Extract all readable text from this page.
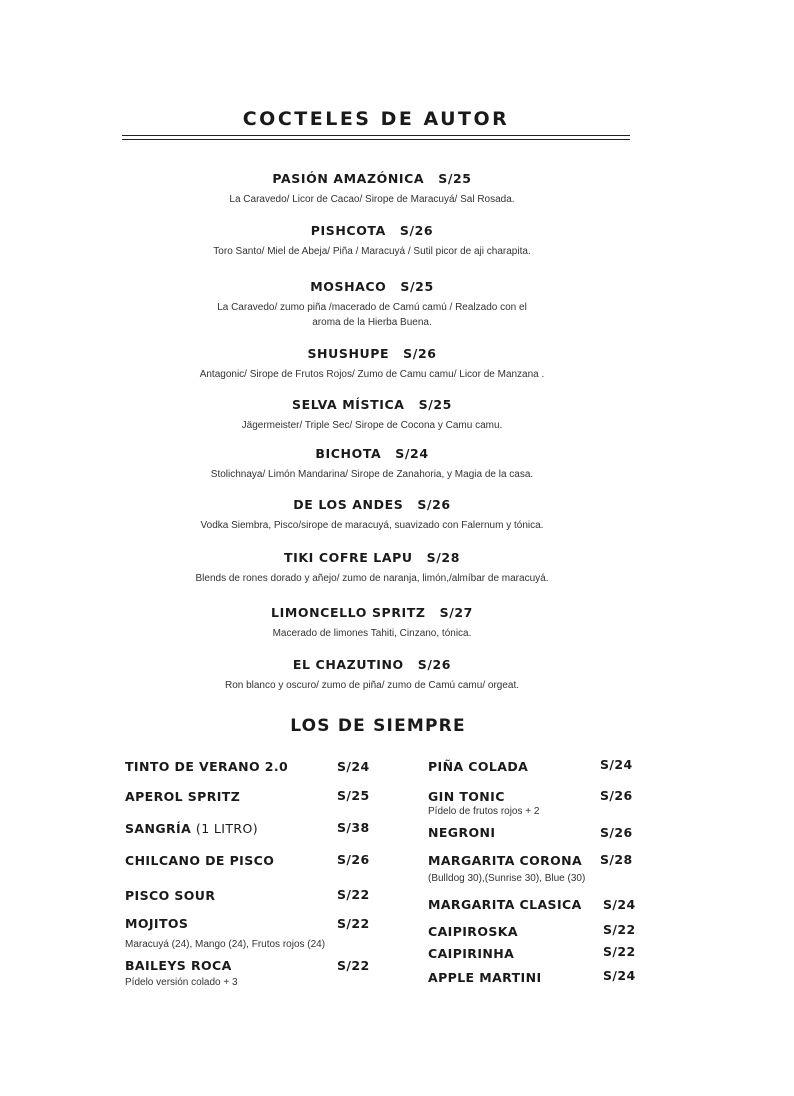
COCTELES DE AUTOR
PASIÓN AMAZÓNICA S/25
La Caravedo/ Licor de Cacao/ Sirope de Maracuyá/ Sal Rosada.
PISHCOTA S/26
Toro Santo/ Miel de Abeja/ Piña / Maracuyá / Sutil picor de aji charapita.
MOSHACO S/25
La Caravedo/ zumo piña /macerado de Camú camú / Realzado con el
aroma de la Hierba Buena.
SHUSHUPE S/26
Antagonic/ Sirope de Frutos Rojos/ Zumo de Camu camu/ Licor de Manzana .
SELVA MÍSTICA S/25
Jägermeister/ Triple Sec/ Sirope de Cocona y Camu camu.
BICHOTA S/24
Stolichnaya/ Limón Mandarina/ Sirope de Zanahoria, y Magia de la casa.
DE LOS ANDES S/26
Vodka Siembra, Pisco/sirope de maracuyá, suavizado con Falernum y tónica.
TIKI COFRE LAPU S/28
Blends de rones dorado y añejo/ zumo de naranja, limón,/almíbar de maracuyá.
LIMONCELLO SPRITZ S/27
Macerado de limones Tahiti, Cinzano, tónica.
EL CHAZUTINO S/26
Ron blanco y oscuro/ zumo de piña/ zumo de Camú camu/ orgeat.
LOS DE SIEMPRE
TINTO DE VERANO 2.0	S/24
APEROL SPRITZ	S/25
SANGRÍA (1 LITRO)	S/38
CHILCANO DE PISCO	S/26
PISCO SOUR	S/22
MOJITOS	S/22
Maracuyá (24), Mango (24), Frutos rojos (24)
BAILEYS ROCA	S/22
Pídelo versión colado + 3
PIÑA COLADA	S/24
GIN TONIC	S/26
Pídelo de frutos rojos + 2
NEGRONI	S/26
MARGARITA CORONA S/28
(Bulldog 30),(Sunrise 30), Blue (30)
MARGARITA CLASICA S/24
CAIPIROSKA	S/22
CAIPIRINHA	S/22
APPLE MARTINI	S/24
